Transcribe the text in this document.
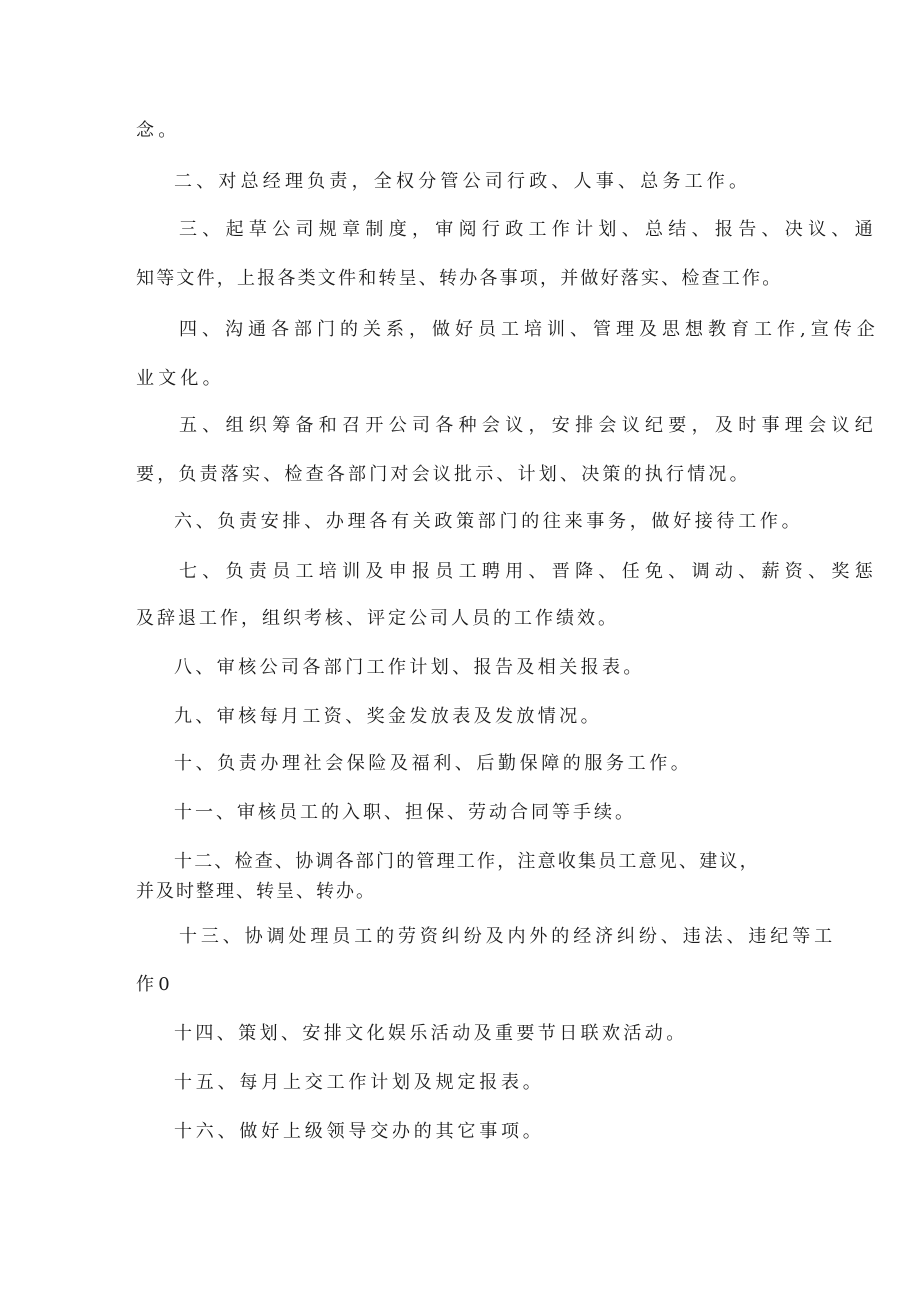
念。

二、对总经理负责，全权分管公司行政、人事、总务工作。

三、起草公司规章制度，审阅行政工作计划、总结、报告、决议、通

知等文件，上报各类文件和转呈、转办各事项，并做好落实、检查工作。

四、沟通各部门的关系，做好员工培训、管理及思想教育工作,宣传企

业文化。

五、组织筹备和召开公司各种会议，安排会议纪要，及时事理会议纪

要，负责落实、检查各部门对会议批示、计划、决策的执行情况。

六、负责安排、办理各有关政策部门的往来事务，做好接待工作。

七、负责员工培训及申报员工聘用、晋降、任免、调动、薪资、奖惩

及辞退工作，组织考核、评定公司人员的工作绩效。

八、审核公司各部门工作计划、报告及相关报表。

九、审核每月工资、奖金发放表及发放情况。

十、负责办理社会保险及福利、后勤保障的服务工作。

十一、审核员工的入职、担保、劳动合同等手续。

十二、检查、协调各部门的管理工作，注意收集员工意见、建议，

并及时整理、转呈、转办。

十三、协调处理员工的劳资纠纷及内外的经济纠纷、违法、违纪等工

作0

十四、策划、安排文化娱乐活动及重要节日联欢活动。

十五、每月上交工作计划及规定报表。

十六、做好上级领导交办的其它事项。
